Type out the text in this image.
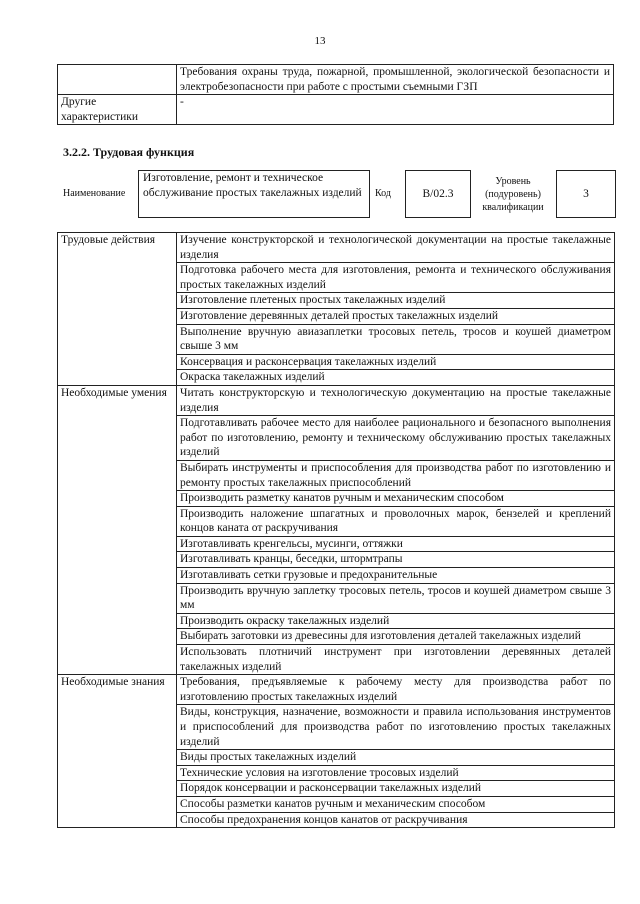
13
	Требования охраны труда, пожарной, промышленной, экологической безопасности и электробезопасности при работе с простыми съемными ГЗП
Другие характеристики	-
3.2.2. Трудовая функция
Наименование
Изготовление, ремонт и техническое обслуживание простых такелажных изделий	Код	B/02.3
Уровень (подуровень) квалификации
3
Трудовые действия	Изучение конструкторской и технологической документации на простые такелажные изделия
	Подготовка рабочего места для изготовления, ремонта и технического обслуживания простых такелажных изделий
	Изготовление плетеных простых такелажных изделий
	Изготовление деревянных деталей простых такелажных изделий
	Выполнение вручную авиазаплетки тросовых петель, тросов и коушей диаметром свыше 3 мм
	Консервация и расконсервация такелажных изделий
	Окраска такелажных изделий
Необходимые умения	Читать конструкторскую и технологическую документацию на простые такелажные изделия
	Подготавливать рабочее место для наиболее рационального и безопасного выполнения работ по изготовлению, ремонту и техническому обслуживанию простых такелажных изделий
	Выбирать инструменты и приспособления для производства работ по изготовлению и ремонту простых такелажных приспособлений
	Производить разметку канатов ручным и механическим способом
	Производить наложение шпагатных и проволочных марок, бензелей и креплений концов каната от раскручивания
	Изготавливать кренгельсы, мусинги, оттяжки
	Изготавливать кранцы, беседки, штормтрапы
	Изготавливать сетки грузовые и предохранительные
	Производить вручную заплетку тросовых петель, тросов и коушей диаметром свыше 3 мм
	Производить окраску такелажных изделий
	Выбирать заготовки из древесины для изготовления деталей такелажных изделий
	Использовать плотничий инструмент при изготовлении деревянных деталей такелажных изделий
Необходимые знания	Требования, предъявляемые к рабочему месту для производства работ по изготовлению простых такелажных изделий
	Виды, конструкция, назначение, возможности и правила использования инструментов и приспособлений для производства работ по изготовлению простых такелажных изделий
	Виды простых такелажных изделий
	Технические условия на изготовление тросовых изделий
	Порядок консервации и расконсервации такелажных изделий
	Способы разметки канатов ручным и механическим способом
	Способы предохранения концов канатов от раскручивания
